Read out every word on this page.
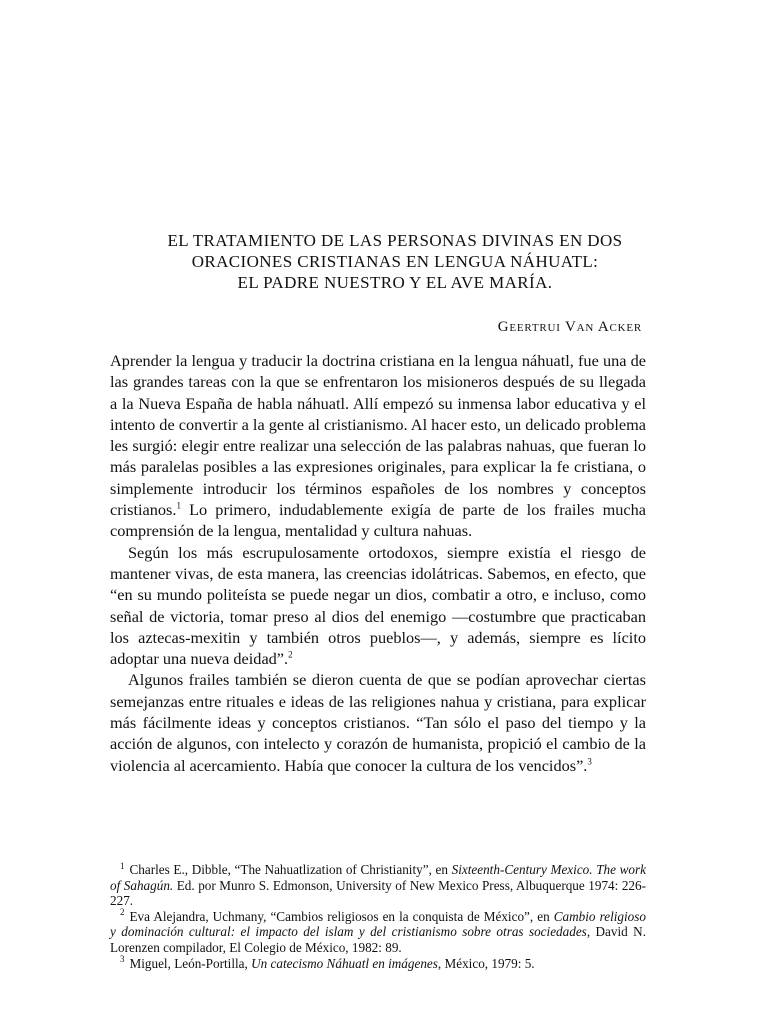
EL TRATAMIENTO DE LAS PERSONAS DIVINAS EN DOS
ORACIONES CRISTIANAS EN LENGUA NÁHUATL:
EL PADRE NUESTRO Y EL AVE MARÍA.
Geertrui Van Acker

Aprender la lengua y traducir la doctrina cristiana en la lengua náhuatl, fue una de las grandes tareas con la que se enfrentaron los misioneros después de su llegada a la Nueva España de habla náhuatl. Allí empezó su inmensa labor educativa y el intento de convertir a la gente al cristianismo. Al hacer esto, un delicado problema les surgió: elegir entre realizar una selección de las palabras nahuas, que fueran lo más paralelas posibles a las expresiones originales, para explicar la fe cristiana, o simplemente introducir los términos españoles de los nombres y conceptos cristianos.$^1$ Lo primero, indudablemente exigía de parte de los frailes mucha comprensión de la lengua, mentalidad y cultura nahuas.

Según los más escrupulosamente ortodoxos, siempre existía el riesgo de mantener vivas, de esta manera, las creencias idolátricas. Sabemos, en efecto, que “en su mundo politeísta se puede negar un dios, combatir a otro, e incluso, como señal de victoria, tomar preso al dios del enemigo —costumbre que practicaban los aztecas-mexitin y también otros pueblos—, y además, siempre es lícito adoptar una nueva deidad”.$^2$

Algunos frailes también se dieron cuenta de que se podían aprovechar ciertas semejanzas entre rituales e ideas de las religiones nahua y cristiana, para explicar más fácilmente ideas y conceptos cristianos. “Tan sólo el paso del tiempo y la acción de algunos, con intelecto y corazón de humanista, propició el cambio de la violencia al acercamiento. Había que conocer la cultura de los vencidos”.$^3$

$^1$ Charles E., Dibble, “The Nahuatlization of Christianity”, en Sixteenth-Century Mexico. The work of Sahagún. Ed. por Munro S. Edmonson, University of New Mexico Press, Albuquerque 1974: 226-227.

$^2$ Eva Alejandra, Uchmany, “Cambios religiosos en la conquista de México”, en Cambio religioso y dominación cultural: el impacto del islam y del cristianismo sobre otras sociedades, David N. Lorenzen compilador, El Colegio de México, 1982: 89.

$^3$ Miguel, León-Portilla, Un catecismo Náhuatl en imágenes, México, 1979: 5.
